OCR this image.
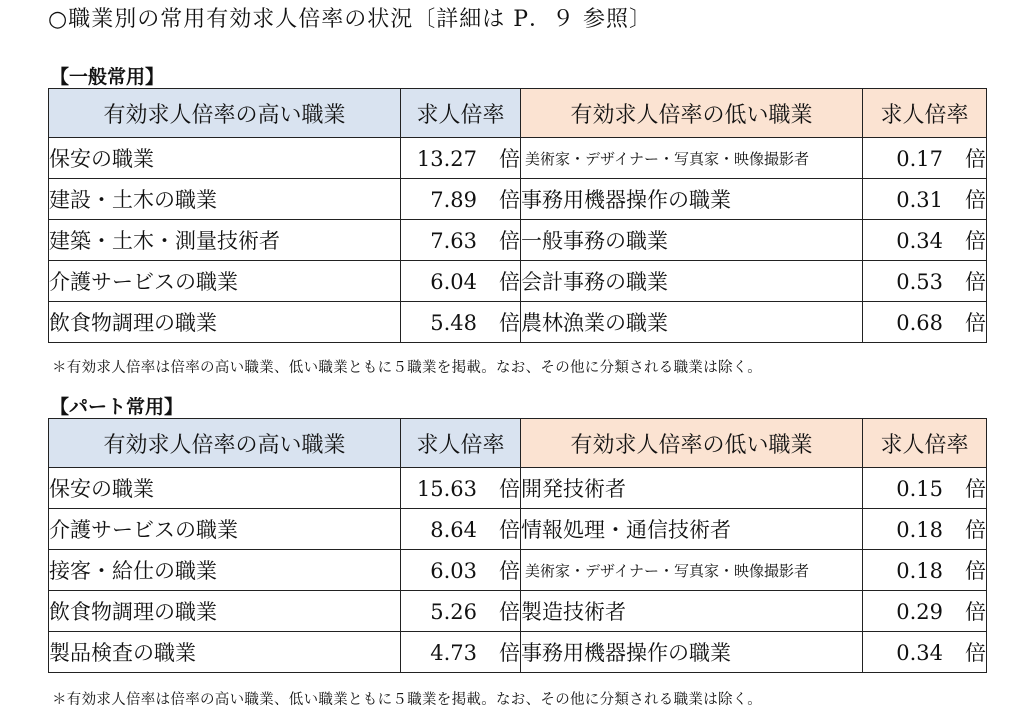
○職業別の常用有効求人倍率の状況〔詳細は P．９ 参照〕
【一般常用】
有効求人倍率の高い職業	求人倍率	有効求人倍率の低い職業	求人倍率
保安の職業	13.27 倍	美術家・デザイナー・写真家・映像撮影者	0.17 倍
建設・土木の職業	7.89 倍	事務用機器操作の職業	0.31 倍
建築・土木・測量技術者	7.63 倍	一般事務の職業	0.34 倍
介護サービスの職業	6.04 倍	会計事務の職業	0.53 倍
飲食物調理の職業	5.48 倍	農林漁業の職業	0.68 倍
＊有効求人倍率は倍率の高い職業、低い職業ともに５職業を掲載。なお、その他に分類される職業は除く。
【パート常用】
有効求人倍率の高い職業	求人倍率	有効求人倍率の低い職業	求人倍率
保安の職業	15.63 倍	開発技術者	0.15 倍
介護サービスの職業	8.64 倍	情報処理・通信技術者	0.18 倍
接客・給仕の職業	6.03 倍	美術家・デザイナー・写真家・映像撮影者	0.18 倍
飲食物調理の職業	5.26 倍	製造技術者	0.29 倍
製品検査の職業	4.73 倍	事務用機器操作の職業	0.34 倍
＊有効求人倍率は倍率の高い職業、低い職業ともに５職業を掲載。なお、その他に分類される職業は除く。
